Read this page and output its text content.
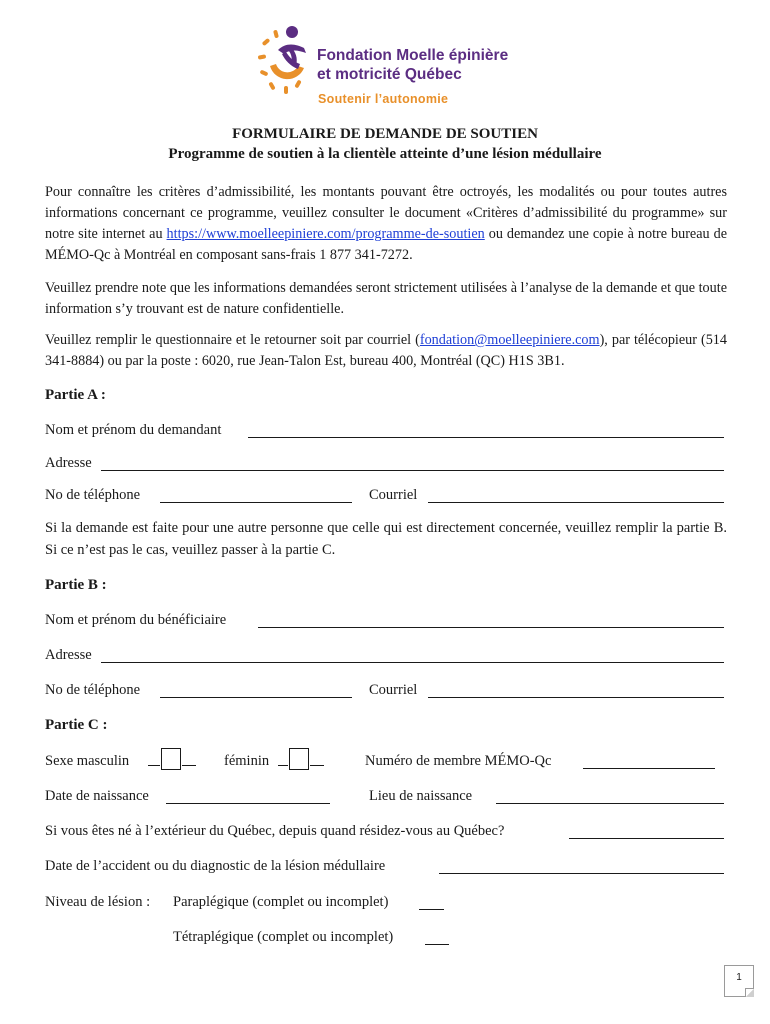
Fondation Moelle épinière
et motricité Québec
Soutenir l’autonomie
FORMULAIRE DE DEMANDE DE SOUTIEN
Programme de soutien à la clientèle atteinte d’une lésion médullaire
Pour connaître les critères d’admissibilité, les montants pouvant être octroyés, les modalités ou pour toutes autres informations concernant ce programme, veuillez consulter le document «Critères d’admissibilité du programme» sur notre site internet au https://www.moelleepiniere.com/programme-de-soutien ou demandez une copie à notre bureau de MÉMO-Qc à Montréal en composant sans-frais 1 877 341-7272.
Veuillez prendre note que les informations demandées seront strictement utilisées à l’analyse de la demande et que toute information s’y trouvant est de nature confidentielle.
Veuillez remplir le questionnaire et le retourner soit par courriel (fondation@moelleepiniere.com), par télécopieur (514 341-8884) ou par la poste : 6020, rue Jean-Talon Est, bureau 400, Montréal (QC) H1S 3B1.
Partie A :
Nom et prénom du demandant
Adresse
No de téléphone	Courriel
Si la demande est faite pour une autre personne que celle qui est directement concernée, veuillez remplir la partie B. Si ce n’est pas le cas, veuillez passer à la partie C.
Partie B :
Nom et prénom du bénéficiaire
Adresse
No de téléphone	Courriel
Partie C :
Sexe masculin	féminin	Numéro de membre MÉMO-Qc
Date de naissance	Lieu de naissance
Si vous êtes né à l’extérieur du Québec, depuis quand résidez-vous au Québec?
Date de l’accident ou du diagnostic de la lésion médullaire
Niveau de lésion : Paraplégique (complet ou incomplet)
Tétraplégique (complet ou incomplet)
1
